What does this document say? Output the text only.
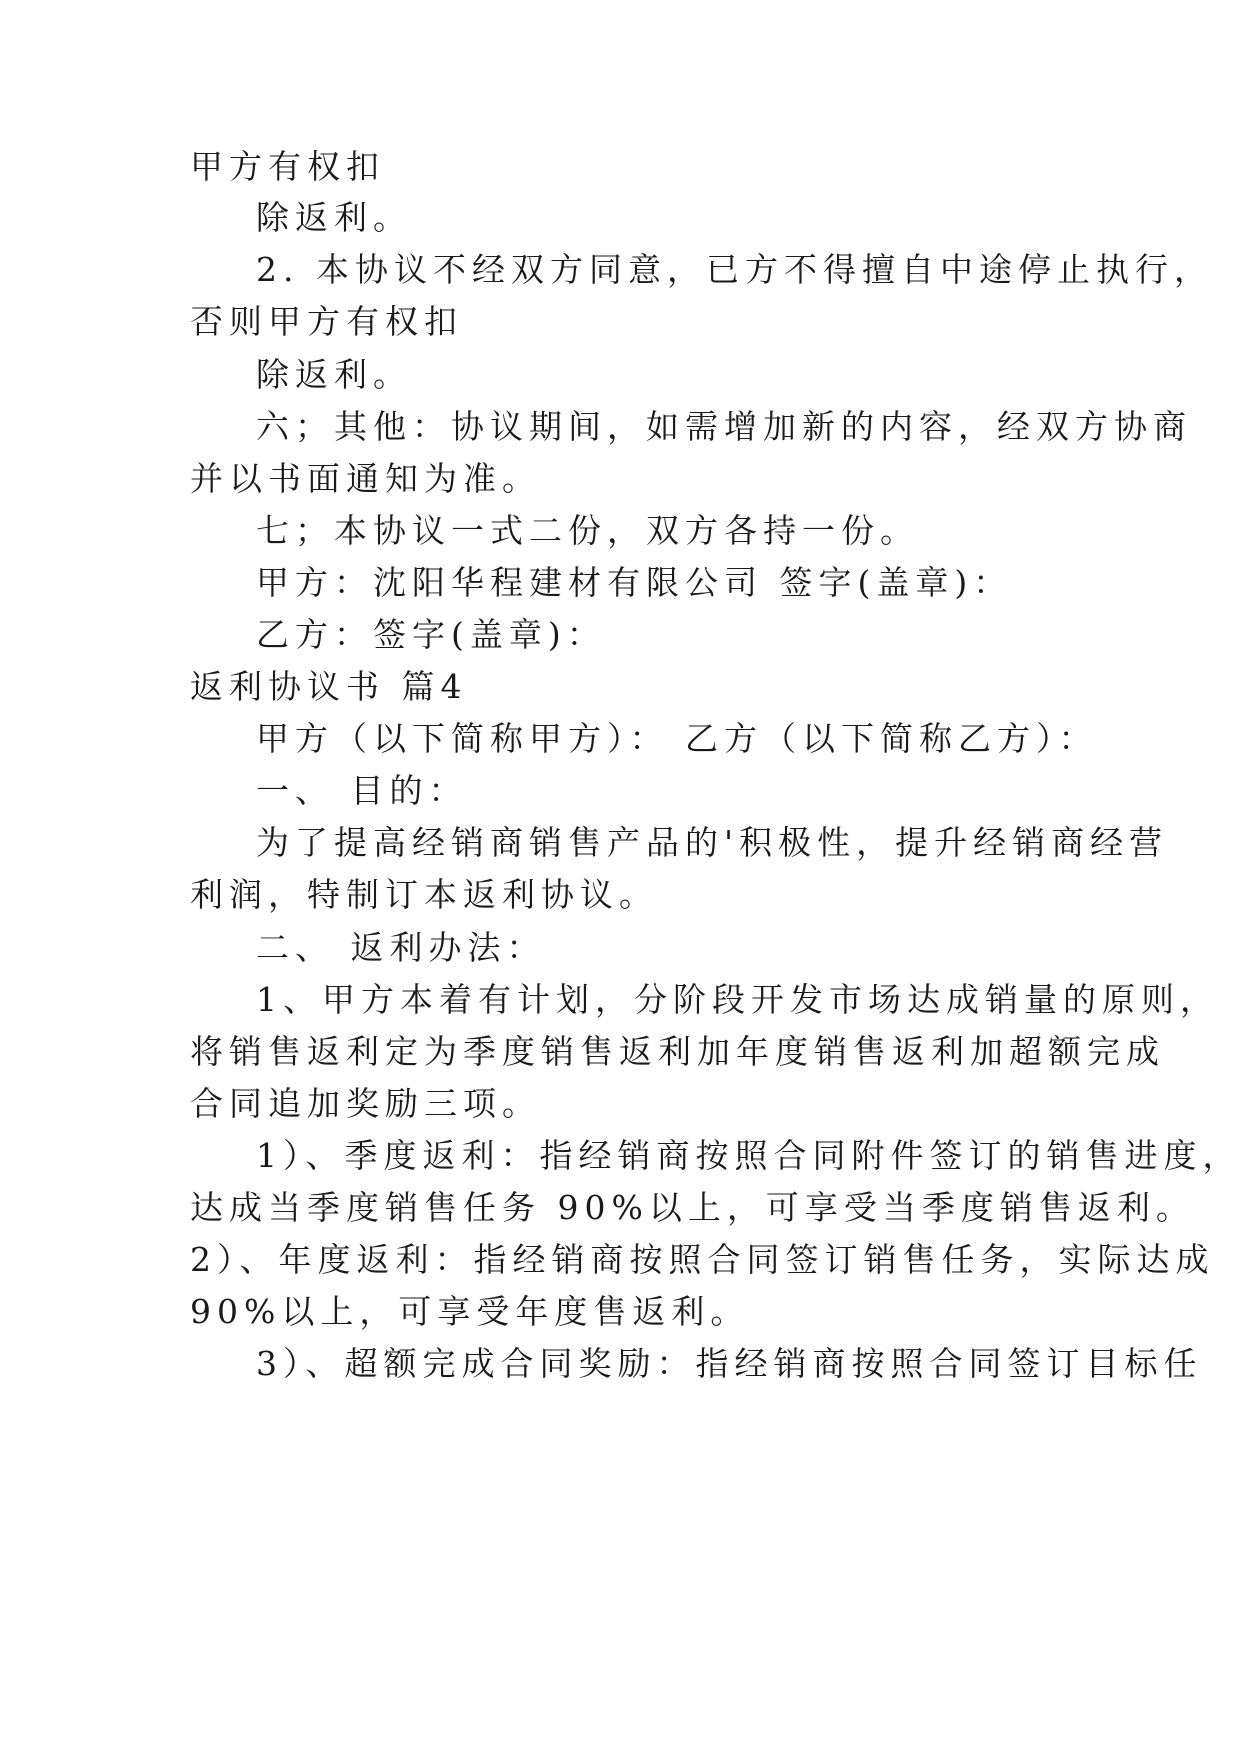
甲方有权扣
除返利。
2. 本协议不经双方同意，已方不得擅自中途停止执行，
否则甲方有权扣
除返利。
六；其他：协议期间，如需增加新的内容，经双方协商
并以书面通知为准。
七；本协议一式二份，双方各持一份。
甲方：沈阳华程建材有限公司 签字(盖章)：
乙方：签字(盖章)：
返利协议书 篇4
甲方（以下简称甲方）： 乙方（以下简称乙方）：
一、 目的：
为了提高经销商销售产品的'积极性，提升经销商经营
利润，特制订本返利协议。
二、 返利办法：
1、甲方本着有计划，分阶段开发市场达成销量的原则，
将销售返利定为季度销售返利加年度销售返利加超额完成
合同追加奖励三项。
1）、季度返利：指经销商按照合同附件签订的销售进度，
达成当季度销售任务 90%以上，可享受当季度销售返利。
2）、年度返利：指经销商按照合同签订销售任务，实际达成
90%以上，可享受年度售返利。
3）、超额完成合同奖励：指经销商按照合同签订目标任
